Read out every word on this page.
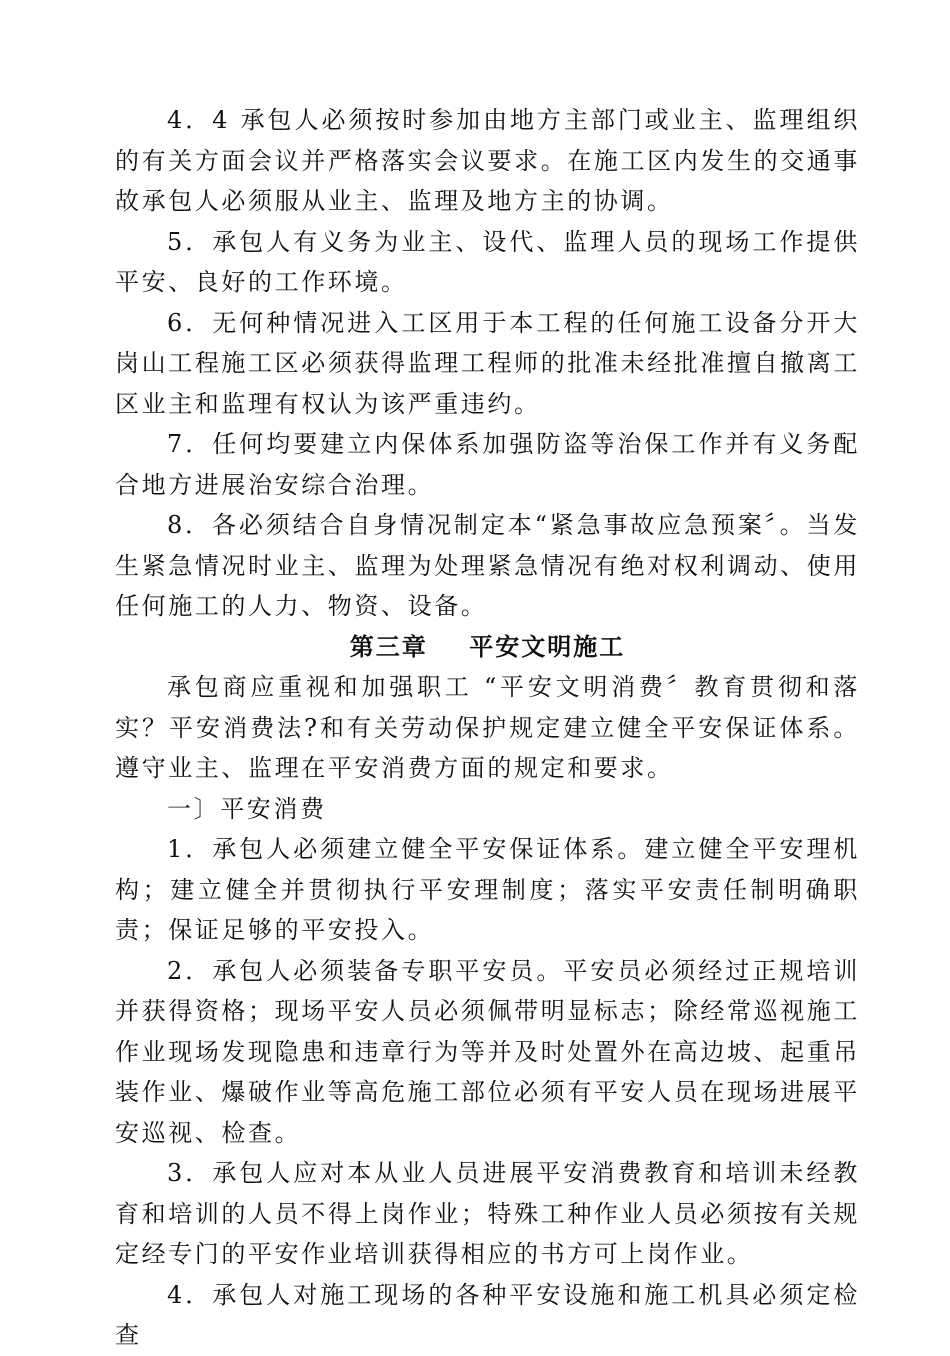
4．4 承包人必须按时参加由地方主部门或业主、监理组织的有关方面会议并严格落实会议要求。在施工区内发生的交通事故承包人必须服从业主、监理及地方主的协调。

5．承包人有义务为业主、设代、监理人员的现场工作提供平安、良好的工作环境。

6．无何种情况进入工区用于本工程的任何施工设备分开大岗山工程施工区必须获得监理工程师的批准未经批准擅自撤离工区业主和监理有权认为该严重违约。

7．任何均要建立内保体系加强防盗等治保工作并有义务配合地方进展治安综合治理。

8．各必须结合自身情况制定本“紧急事故应急预案〞。当发生紧急情况时业主、监理为处理紧急情况有绝对权利调动、使用任何施工的人力、物资、设备。

第三章    平安文明施工

承包商应重视和加强职工 “平安文明消费〞教育贯彻和落实？平安消费法?和有关劳动保护规定建立健全平安保证体系。遵守业主、监理在平安消费方面的规定和要求。

一〕平安消费

1．承包人必须建立健全平安保证体系。建立健全平安理机构；建立健全并贯彻执行平安理制度；落实平安责任制明确职责；保证足够的平安投入。

2．承包人必须装备专职平安员。平安员必须经过正规培训并获得资格；现场平安人员必须佩带明显标志；除经常巡视施工作业现场发现隐患和违章行为等并及时处置外在高边坡、起重吊装作业、爆破作业等高危施工部位必须有平安人员在现场进展平安巡视、检查。

3．承包人应对本从业人员进展平安消费教育和培训未经教育和培训的人员不得上岗作业；特殊工种作业人员必须按有关规定经专门的平安作业培训获得相应的书方可上岗作业。

4．承包人对施工现场的各种平安设施和施工机具必须定检查
